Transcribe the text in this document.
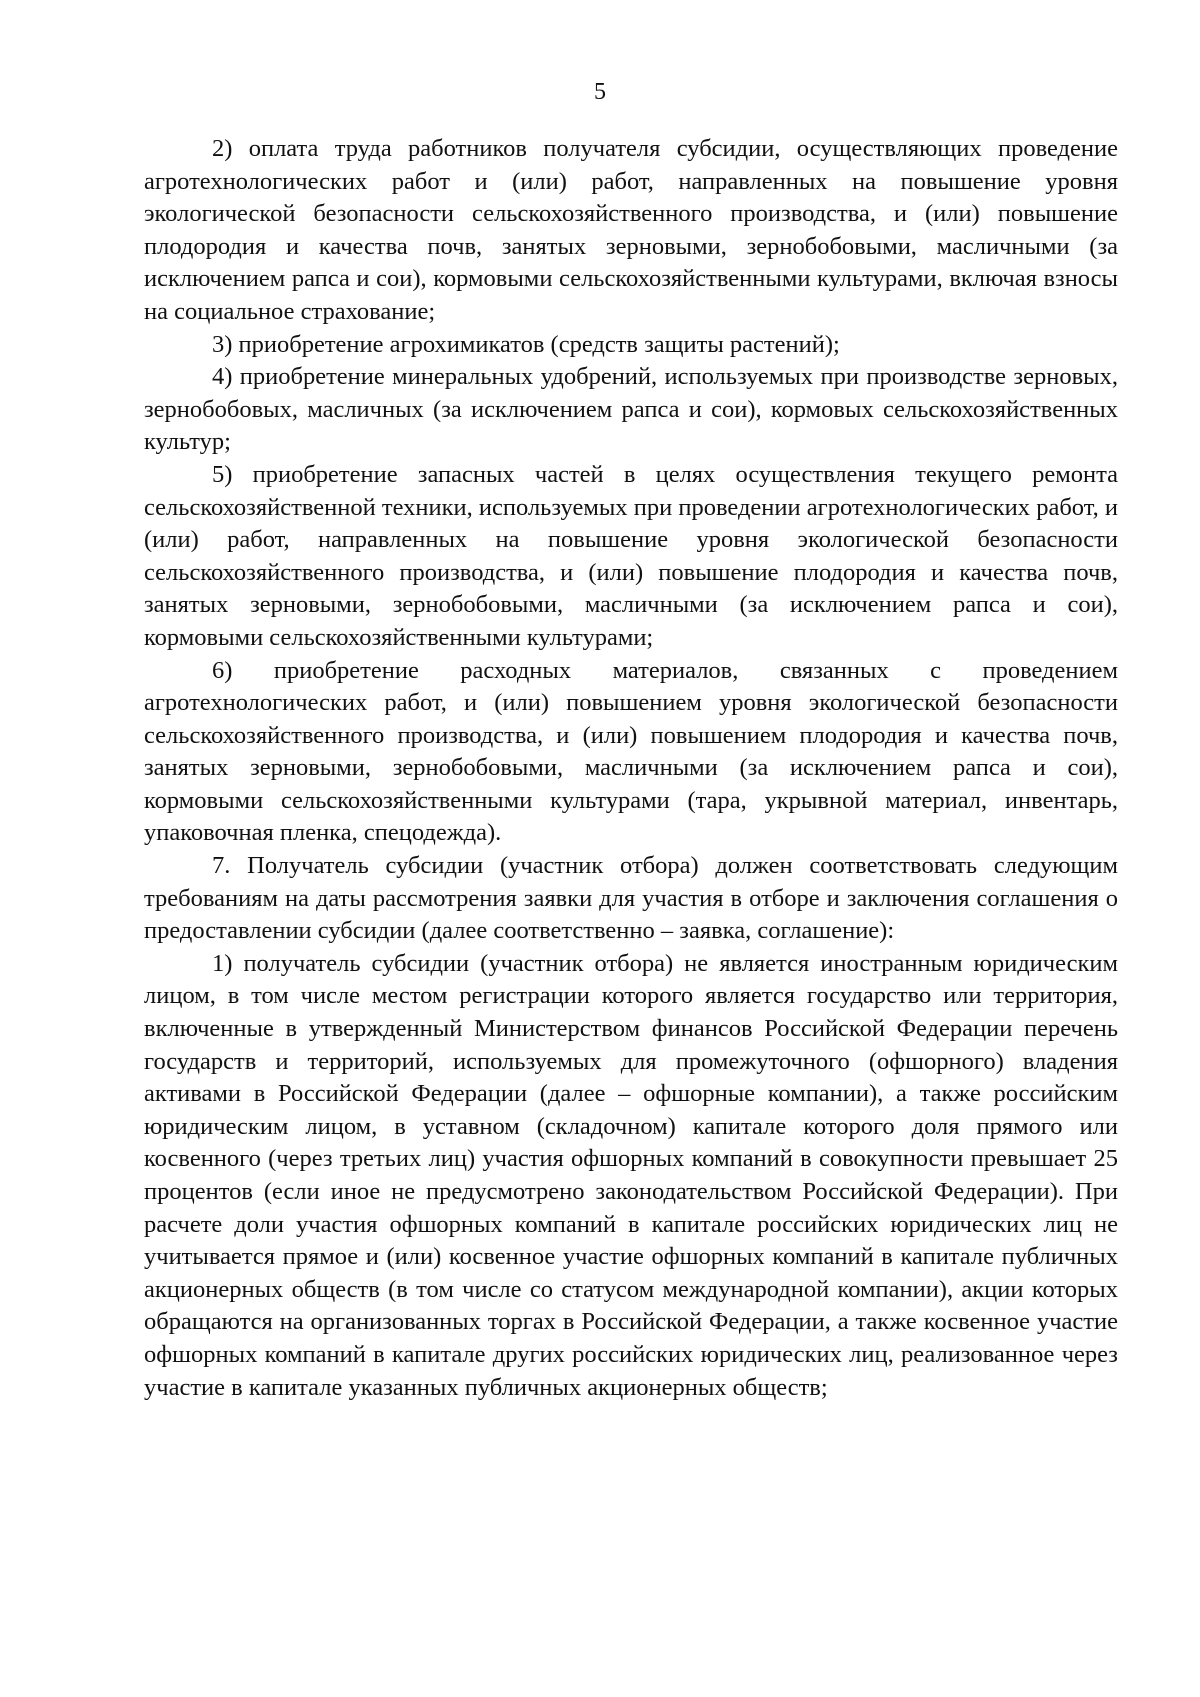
5

2) оплата труда работников получателя субсидии, осуществляющих проведение агротехнологических работ и (или) работ, направленных на повышение уровня экологической безопасности сельскохозяйственного производства, и (или) повышение плодородия и качества почв, занятых зерновыми, зернобобовыми, масличными (за исключением рапса и сои), кормовыми сельскохозяйственными культурами, включая взносы на социальное страхование;

3) приобретение агрохимикатов (средств защиты растений);

4) приобретение минеральных удобрений, используемых при производстве зерновых, зернобобовых, масличных (за исключением рапса и сои), кормовых сельскохозяйственных культур;

5) приобретение запасных частей в целях осуществления текущего ремонта сельскохозяйственной техники, используемых при проведении агротехнологических работ, и (или) работ, направленных на повышение уровня экологической безопасности сельскохозяйственного производства, и (или) повышение плодородия и качества почв, занятых зерновыми, зернобобовыми, масличными (за исключением рапса и сои), кормовыми сельскохозяйственными культурами;

6) приобретение расходных материалов, связанных с проведением агротехнологических работ, и (или) повышением уровня экологической безопасности сельскохозяйственного производства, и (или) повышением плодородия и качества почв, занятых зерновыми, зернобобовыми, масличными (за исключением рапса и сои), кормовыми сельскохозяйственными культурами (тара, укрывной материал, инвентарь, упаковочная пленка, спецодежда).

7. Получатель субсидии (участник отбора) должен соответствовать следующим требованиям на даты рассмотрения заявки для участия в отборе и заключения соглашения о предоставлении субсидии (далее соответственно – заявка, соглашение):

1) получатель субсидии (участник отбора) не является иностранным юридическим лицом, в том числе местом регистрации которого является государство или территория, включенные в утвержденный Министерством финансов Российской Федерации перечень государств и территорий, используемых для промежуточного (офшорного) владения активами в Российской Федерации (далее – офшорные компании), а также российским юридическим лицом, в уставном (складочном) капитале которого доля прямого или косвенного (через третьих лиц) участия офшорных компаний в совокупности превышает 25 процентов (если иное не предусмотрено законодательством Российской Федерации). При расчете доли участия офшорных компаний в капитале российских юридических лиц не учитывается прямое и (или) косвенное участие офшорных компаний в капитале публичных акционерных обществ (в том числе со статусом международной компании), акции которых обращаются на организованных торгах в Российской Федерации, а также косвенное участие офшорных компаний в капитале других российских юридических лиц, реализованное через участие в капитале указанных публичных акционерных обществ;
